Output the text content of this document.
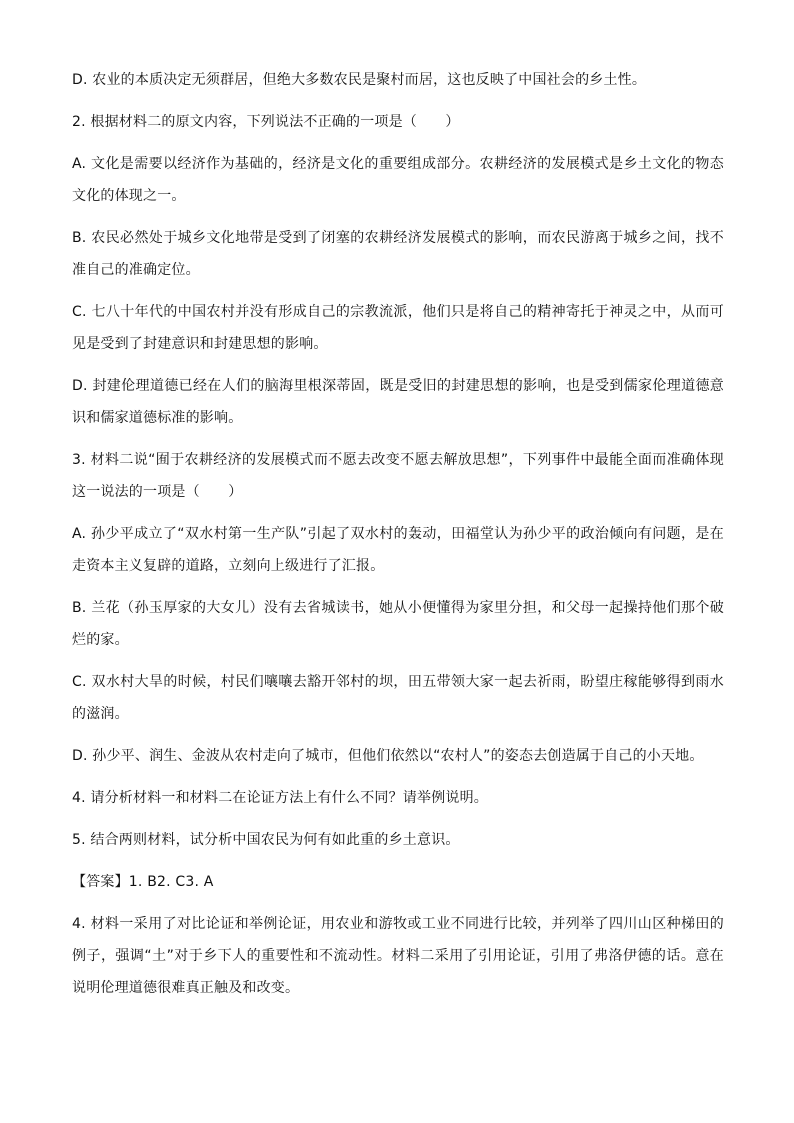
D. 农业的本质决定无须群居，但绝大多数农民是聚村而居，这也反映了中国社会的乡土性。

2. 根据材料二的原文内容，下列说法不正确的一项是（　　）

A. 文化是需要以经济作为基础的，经济是文化的重要组成部分。农耕经济的发展模式是乡土文化的物态文化的体现之一。

B. 农民必然处于城乡文化地带是受到了闭塞的农耕经济发展模式的影响，而农民游离于城乡之间，找不准自己的准确定位。

C. 七八十年代的中国农村并没有形成自己的宗教流派，他们只是将自己的精神寄托于神灵之中，从而可见是受到了封建意识和封建思想的影响。

D. 封建伦理道德已经在人们的脑海里根深蒂固，既是受旧的封建思想的影响，也是受到儒家伦理道德意识和儒家道德标准的影响。

3. 材料二说“囿于农耕经济的发展模式而不愿去改变不愿去解放思想”，下列事件中最能全面而准确体现这一说法的一项是（　　）

A. 孙少平成立了“双水村第一生产队”引起了双水村的轰动，田福堂认为孙少平的政治倾向有问题，是在走资本主义复辟的道路，立刻向上级进行了汇报。

B. 兰花（孙玉厚家的大女儿）没有去省城读书，她从小便懂得为家里分担，和父母一起操持他们那个破烂的家。

C. 双水村大旱的时候，村民们嚷嚷去豁开邻村的坝，田五带领大家一起去祈雨，盼望庄稼能够得到雨水的滋润。

D. 孙少平、润生、金波从农村走向了城市，但他们依然以“农村人”的姿态去创造属于自己的小天地。

4. 请分析材料一和材料二在论证方法上有什么不同？请举例说明。

5. 结合两则材料，试分析中国农民为何有如此重的乡土意识。

【答案】1. B2. C3. A

4. 材料一采用了对比论证和举例论证，用农业和游牧或工业不同进行比较，并列举了四川山区种梯田的例子，强调“土”对于乡下人的重要性和不流动性。材料二采用了引用论证，引用了弗洛伊德的话。意在说明伦理道德很难真正触及和改变。
